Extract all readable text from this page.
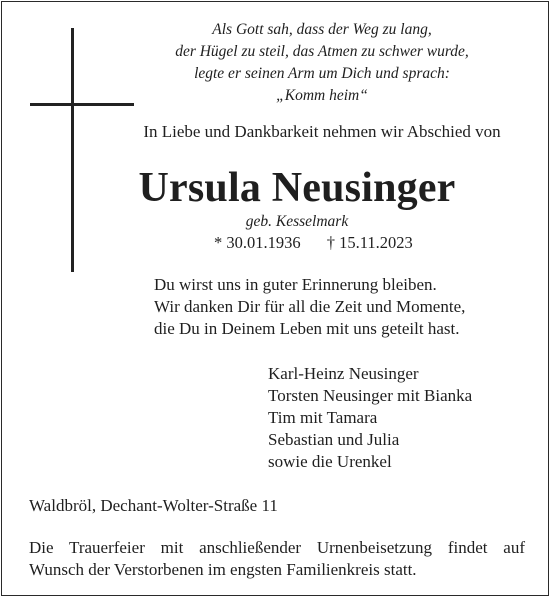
Als Gott sah, dass der Weg zu lang,
der Hügel zu steil, das Atmen zu schwer wurde,
legte er seinen Arm um Dich und sprach:
„Komm heim“
In Liebe und Dankbarkeit nehmen wir Abschied von
Ursula Neusinger
geb. Kesselmark
* 30.01.1936 † 15.11.2023
Du wirst uns in guter Erinnerung bleiben.
Wir danken Dir für all die Zeit und Momente,
die Du in Deinem Leben mit uns geteilt hast.
Karl-Heinz Neusinger
Torsten Neusinger mit Bianka
Tim mit Tamara
Sebastian und Julia
sowie die Urenkel
Waldbröl, Dechant-Wolter-Straße 11
Die Trauerfeier mit anschließender Urnenbeisetzung findet auf
Wunsch der Verstorbenen im engsten Familienkreis statt.
